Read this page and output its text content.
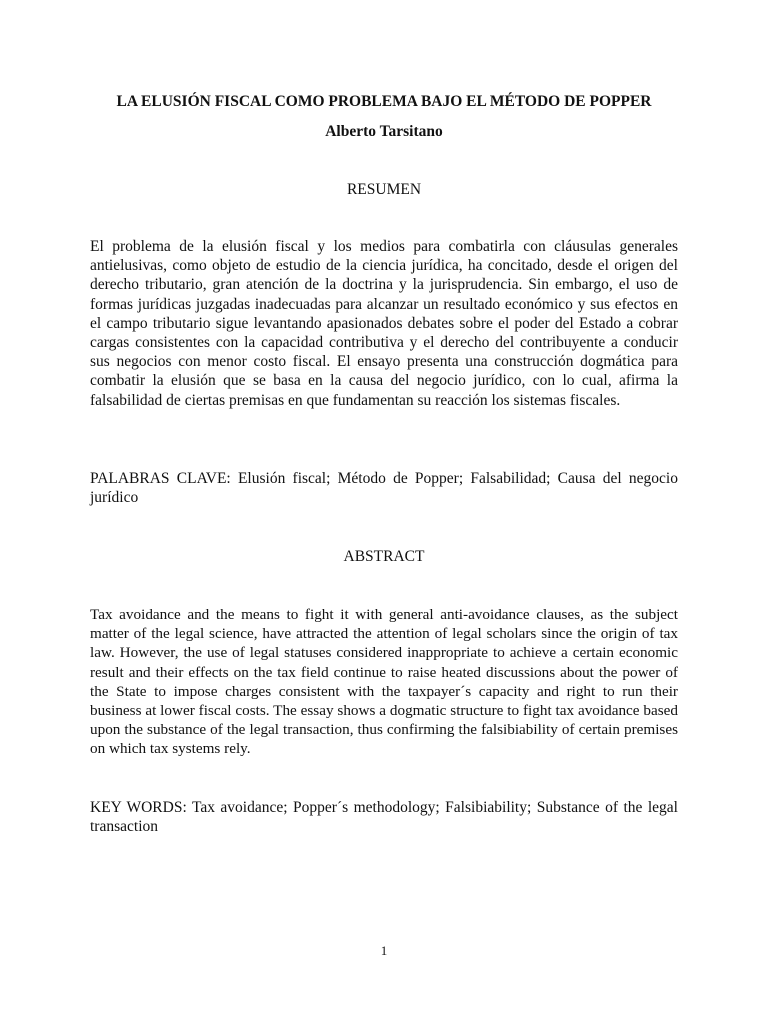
LA ELUSIÓN FISCAL COMO PROBLEMA BAJO EL MÉTODO DE POPPER
Alberto Tarsitano
RESUMEN
El problema de la elusión fiscal y los medios para combatirla con cláusulas generales antielusivas, como objeto de estudio de la ciencia jurídica, ha concitado, desde el origen del derecho tributario, gran atención de la doctrina y la jurisprudencia. Sin embargo, el uso de formas jurídicas juzgadas inadecuadas para alcanzar un resultado económico y sus efectos en el campo tributario sigue levantando apasionados debates sobre el poder del Estado a cobrar cargas consistentes con la capacidad contributiva y el derecho del contribuyente a conducir sus negocios con menor costo fiscal. El ensayo presenta una construcción dogmática para combatir la elusión que se basa en la causa del negocio jurídico, con lo cual, afirma la falsabilidad de ciertas premisas en que fundamentan su reacción los sistemas fiscales.
PALABRAS CLAVE: Elusión fiscal; Método de Popper; Falsabilidad; Causa del negocio jurídico
ABSTRACT
Tax avoidance and the means to fight it with general anti-avoidance clauses, as the subject matter of the legal science, have attracted the attention of legal scholars since the origin of tax law. However, the use of legal statuses considered inappropriate to achieve a certain economic result and their effects on the tax field continue to raise heated discussions about the power of the State to impose charges consistent with the taxpayer´s capacity and right to run their business at lower fiscal costs. The essay shows a dogmatic structure to fight tax avoidance based upon the substance of the legal transaction, thus confirming the falsibiability of certain premises on which tax systems rely.
KEY WORDS: Tax avoidance; Popper´s methodology; Falsibiability; Substance of the legal transaction
1
